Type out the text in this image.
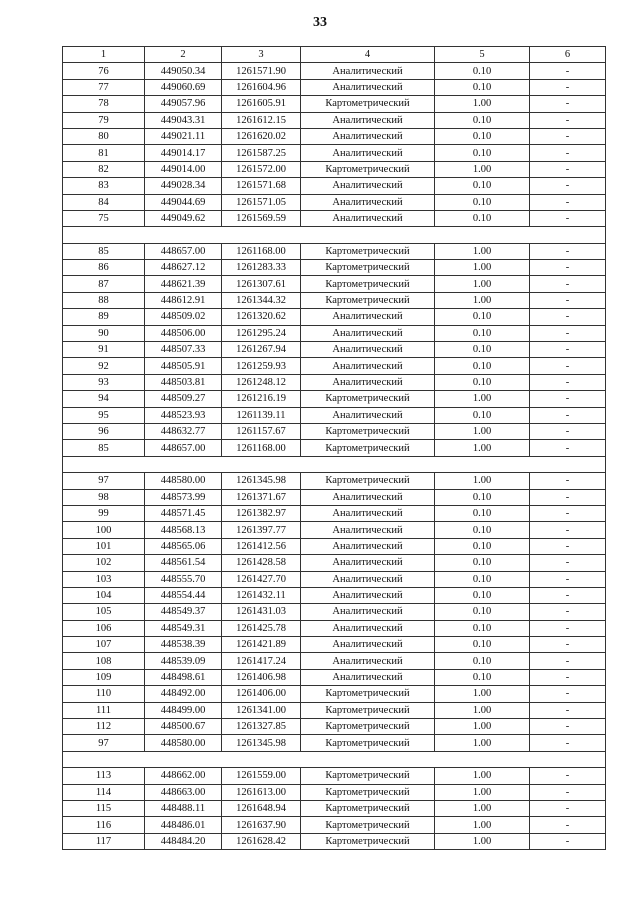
33
1	2	3	4	5	6
76	449050.34	1261571.90	Аналитический	0.10	-
77	449060.69	1261604.96	Аналитический	0.10	-
78	449057.96	1261605.91	Картометрический	1.00	-
79	449043.31	1261612.15	Аналитический	0.10	-
80	449021.11	1261620.02	Аналитический	0.10	-
81	449014.17	1261587.25	Аналитический	0.10	-
82	449014.00	1261572.00	Картометрический	1.00	-
83	449028.34	1261571.68	Аналитический	0.10	-
84	449044.69	1261571.05	Аналитический	0.10	-
75	449049.62	1261569.59	Аналитический	0.10	-

85	448657.00	1261168.00	Картометрический	1.00	-
86	448627.12	1261283.33	Картометрический	1.00	-
87	448621.39	1261307.61	Картометрический	1.00	-
88	448612.91	1261344.32	Картометрический	1.00	-
89	448509.02	1261320.62	Аналитический	0.10	-
90	448506.00	1261295.24	Аналитический	0.10	-
91	448507.33	1261267.94	Аналитический	0.10	-
92	448505.91	1261259.93	Аналитический	0.10	-
93	448503.81	1261248.12	Аналитический	0.10	-
94	448509.27	1261216.19	Картометрический	1.00	-
95	448523.93	1261139.11	Аналитический	0.10	-
96	448632.77	1261157.67	Картометрический	1.00	-
85	448657.00	1261168.00	Картометрический	1.00	-

97	448580.00	1261345.98	Картометрический	1.00	-
98	448573.99	1261371.67	Аналитический	0.10	-
99	448571.45	1261382.97	Аналитический	0.10	-
100	448568.13	1261397.77	Аналитический	0.10	-
101	448565.06	1261412.56	Аналитический	0.10	-
102	448561.54	1261428.58	Аналитический	0.10	-
103	448555.70	1261427.70	Аналитический	0.10	-
104	448554.44	1261432.11	Аналитический	0.10	-
105	448549.37	1261431.03	Аналитический	0.10	-
106	448549.31	1261425.78	Аналитический	0.10	-
107	448538.39	1261421.89	Аналитический	0.10	-
108	448539.09	1261417.24	Аналитический	0.10	-
109	448498.61	1261406.98	Аналитический	0.10	-
110	448492.00	1261406.00	Картометрический	1.00	-
111	448499.00	1261341.00	Картометрический	1.00	-
112	448500.67	1261327.85	Картометрический	1.00	-
97	448580.00	1261345.98	Картометрический	1.00	-

113	448662.00	1261559.00	Картометрический	1.00	-
114	448663.00	1261613.00	Картометрический	1.00	-
115	448488.11	1261648.94	Картометрический	1.00	-
116	448486.01	1261637.90	Картометрический	1.00	-
117	448484.20	1261628.42	Картометрический	1.00	-
